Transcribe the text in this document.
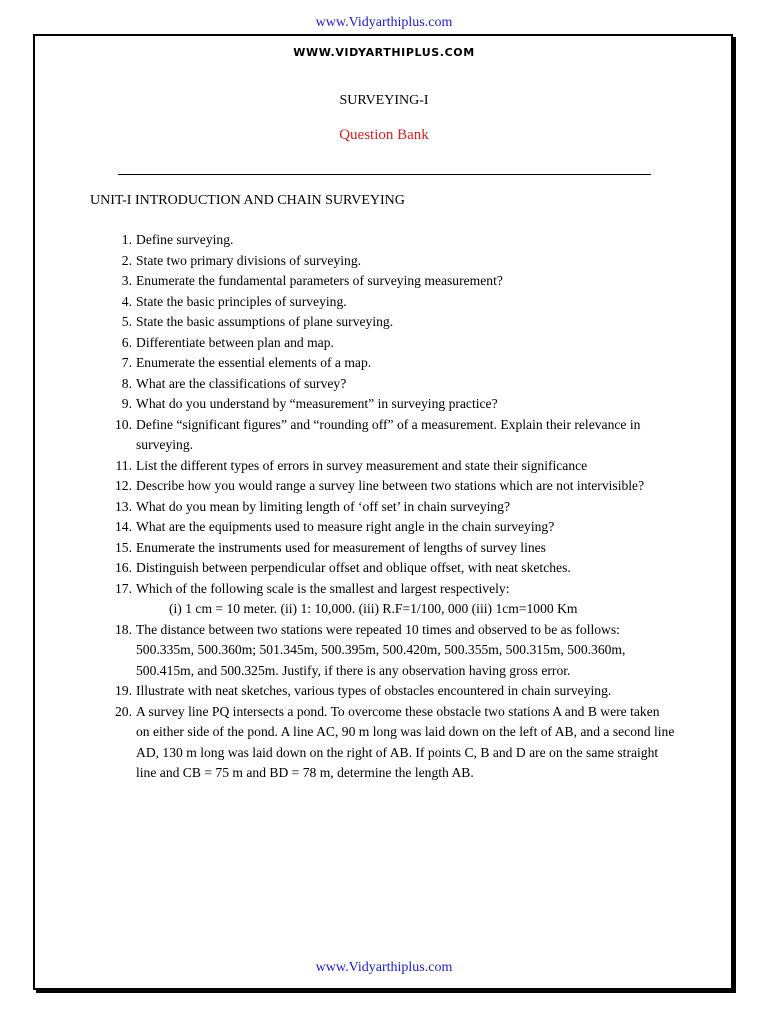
www.Vidyarthiplus.com
WWW.VIDYARTHIPLUS.COM
SURVEYING-I
Question Bank
UNIT-I INTRODUCTION AND CHAIN SURVEYING
1. Define surveying.
2. State two primary divisions of surveying.
3. Enumerate the fundamental parameters of surveying measurement?
4. State the basic principles of surveying.
5. State the basic assumptions of plane surveying.
6. Differentiate between plan and map.
7. Enumerate the essential elements of a map.
8. What are the classifications of survey?
9. What do you understand by “measurement” in surveying practice?
10. Define “significant figures” and “rounding off” of a measurement. Explain their relevance in surveying.
11. List the different types of errors in survey measurement and state their significance
12. Describe how you would range a survey line between two stations which are not intervisible?
13. What do you mean by limiting length of ‘off set’ in chain surveying?
14. What are the equipments used to measure right angle in the chain surveying?
15. Enumerate the instruments used for measurement of lengths of survey lines
16. Distinguish between perpendicular offset and oblique offset, with neat sketches.
17. Which of the following scale is the smallest and largest respectively:
(i) 1 cm = 10 meter. (ii) 1: 10,000. (iii) R.F=1/100, 000 (iii) 1cm=1000 Km
18. The distance between two stations were repeated 10 times and observed to be as follows: 500.335m, 500.360m; 501.345m, 500.395m, 500.420m, 500.355m, 500.315m, 500.360m, 500.415m, and 500.325m. Justify, if there is any observation having gross error.
19. Illustrate with neat sketches, various types of obstacles encountered in chain surveying.
20. A survey line PQ intersects a pond. To overcome these obstacle two stations A and B were taken on either side of the pond. A line AC, 90 m long was laid down on the left of AB, and a second line AD, 130 m long was laid down on the right of AB. If points C, B and D are on the same straight line and CB = 75 m and BD = 78 m, determine the length AB.
www.Vidyarthiplus.com
